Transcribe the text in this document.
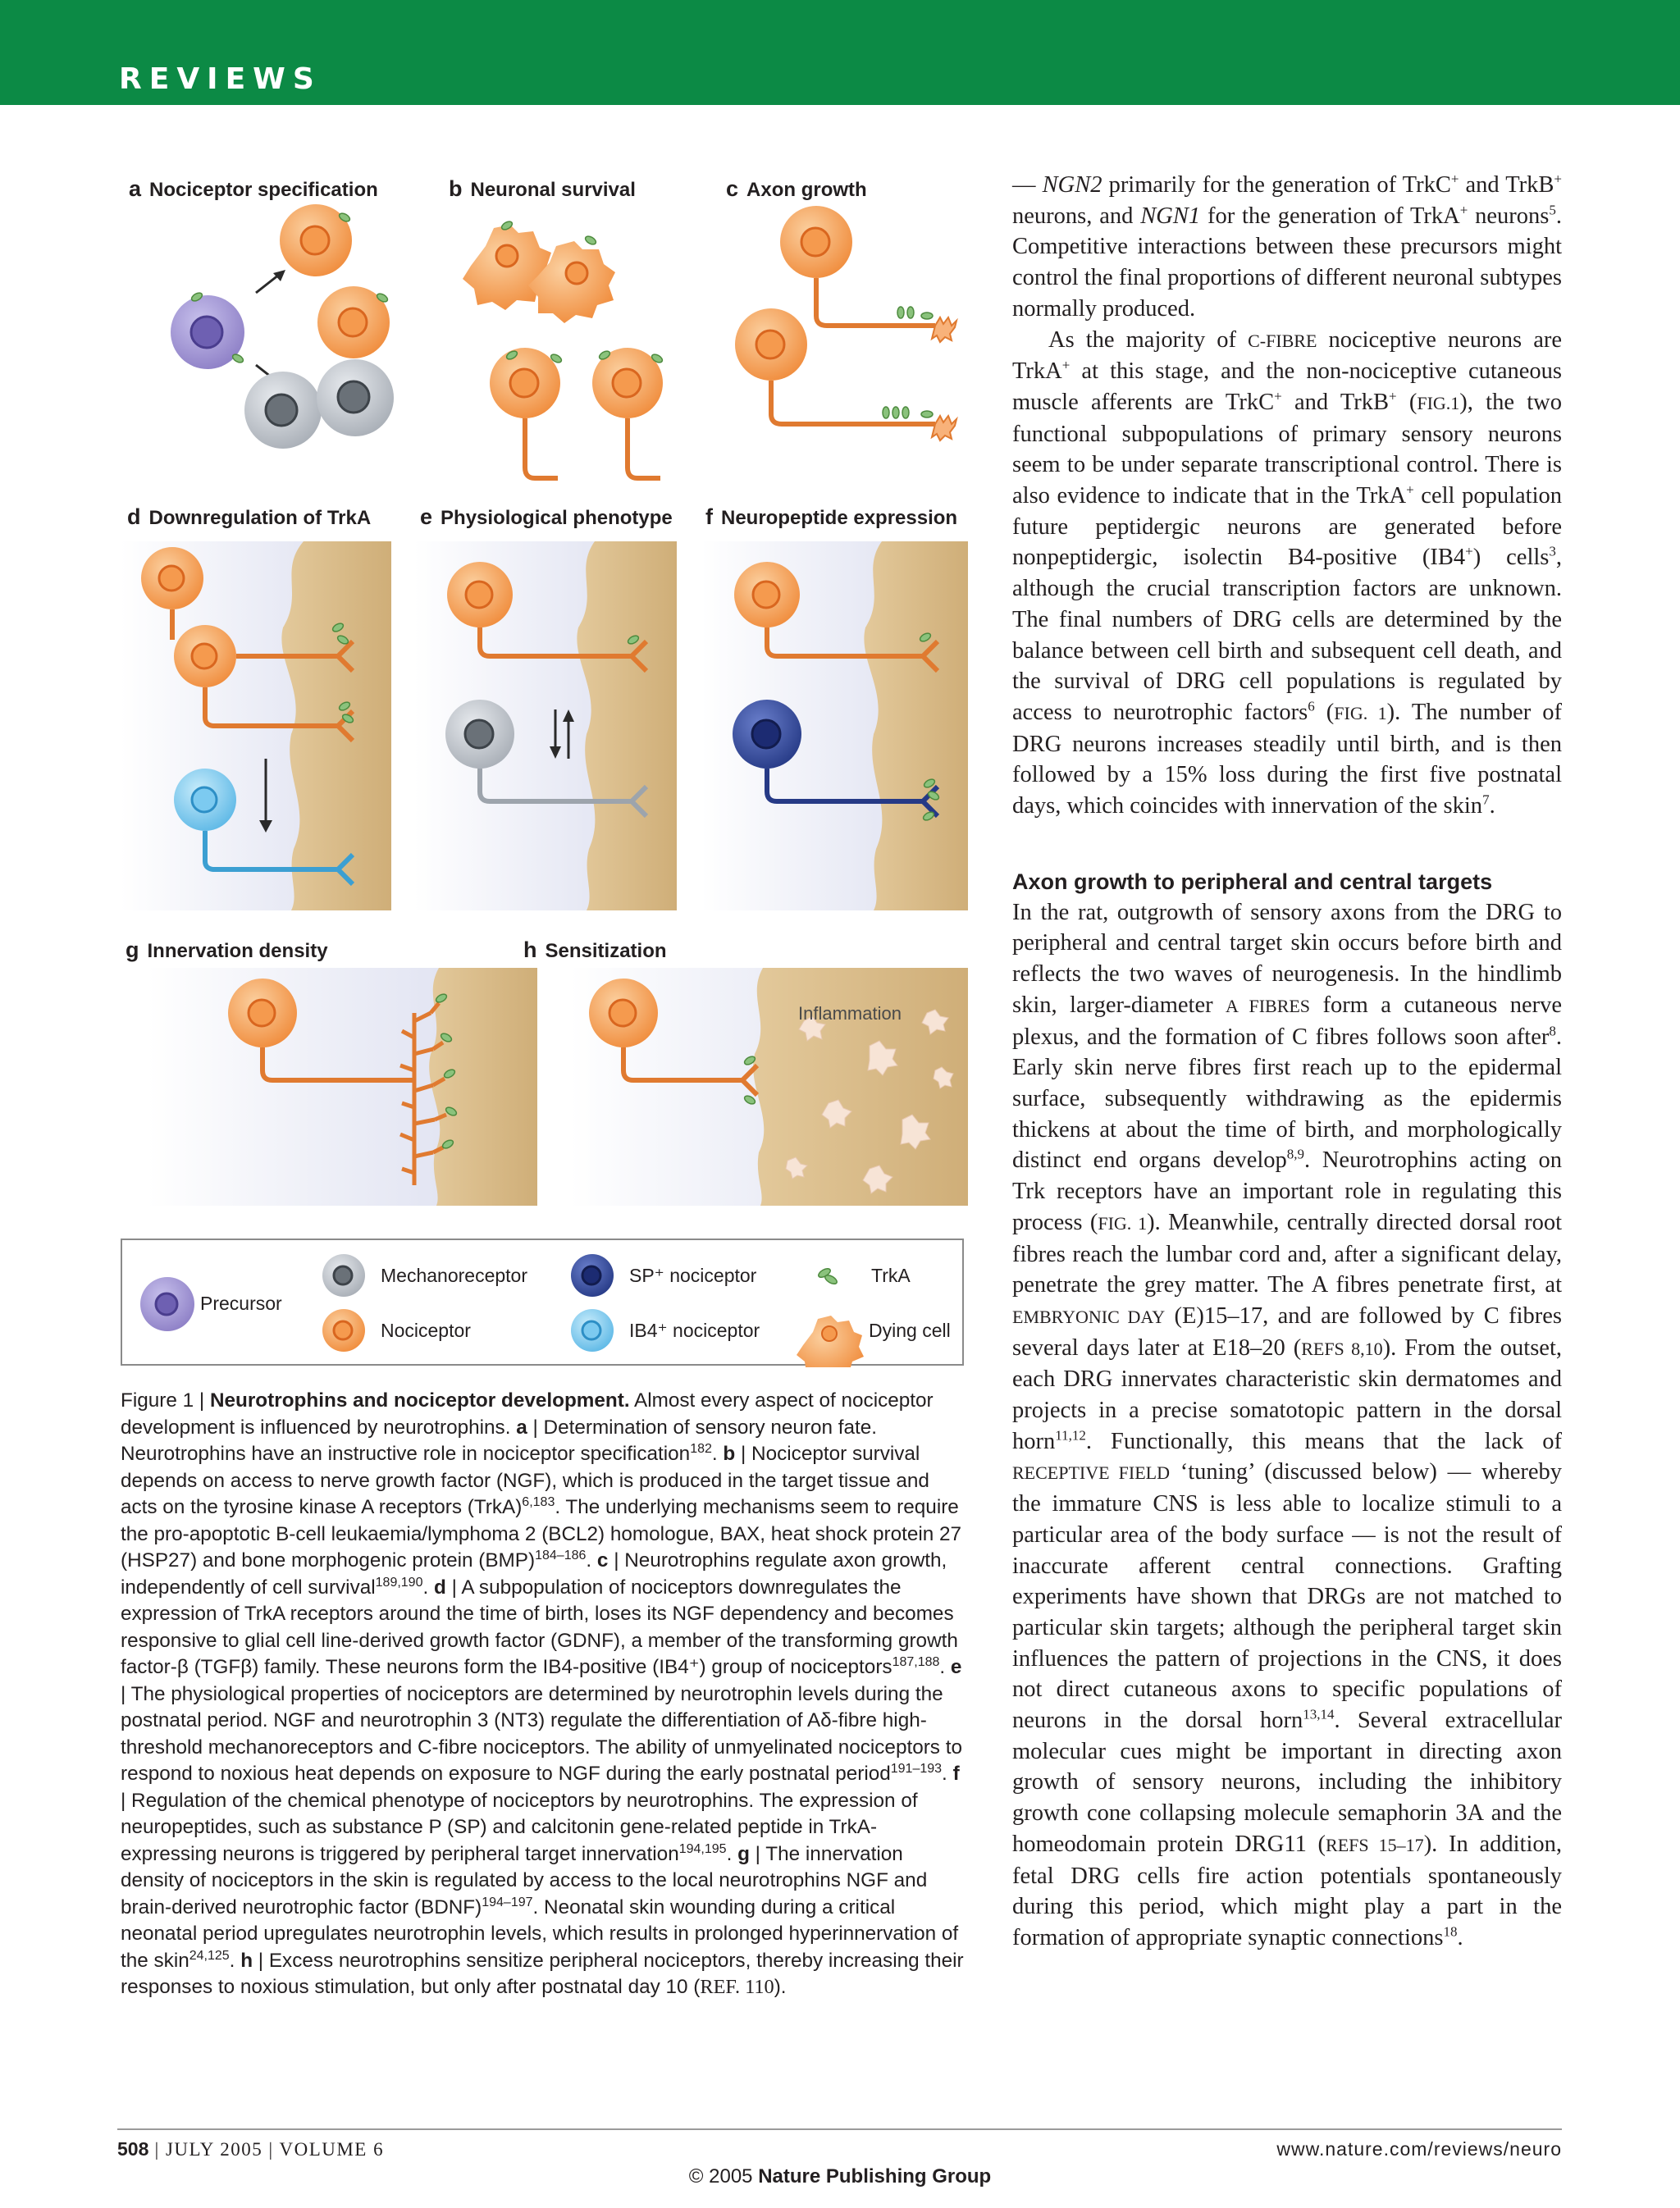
REVIEWS
a Nociceptor specification	b Neuronal survival	c Axon growth
d Downregulation of TrkA e Physiological phenotype f Neuropeptide expression
g Innervation density	h Sensitization
Inflammation
Precursor
Mechanoreceptor
Nociceptor
SP⁺ nociceptor
IB4⁺ nociceptor
TrkA
Dying cell

Figure 1 | Neurotrophins and nociceptor development. Almost every aspect of nociceptor development is influenced by neurotrophins. a | Determination of sensory neuron fate. Neurotrophins have an instructive role in nociceptor specification$^{182}$. b | Nociceptor survival depends on access to nerve growth factor (NGF), which is produced in the target tissue and acts on the tyrosine kinase A receptors (TrkA)$^{6,183}$. The underlying mechanisms seem to require the pro-apoptotic B-cell leukaemia/lymphoma 2 (BCL2) homologue, BAX, heat shock protein 27 (HSP27) and bone morphogenic protein (BMP)$^{184-186}$. c | Neurotrophins regulate axon growth, independently of cell survival$^{189,190}$. d | A subpopulation of nociceptors downregulates the expression of TrkA receptors around the time of birth, loses its NGF dependency and becomes responsive to glial cell line-derived growth factor (GDNF), a member of the transforming growth factor-β (TGFβ) family. These neurons form the IB4-positive (IB4⁺) group of nociceptors$^{187,188}$. e | The physiological properties of nociceptors are determined by neurotrophin levels during the postnatal period. NGF and neurotrophin 3 (NT3) regulate the differentiation of Aδ-fibre high-threshold mechanoreceptors and C-fibre nociceptors. The ability of unmyelinated nociceptors to respond to noxious heat depends on exposure to NGF during the early postnatal period$^{191-193}$. f | Regulation of the chemical phenotype of nociceptors by neurotrophins. The expression of neuropeptides, such as substance P (SP) and calcitonin gene-related peptide in TrkA-expressing neurons is triggered by peripheral target innervation$^{194,195}$. g | The innervation density of nociceptors in the skin is regulated by access to the local neurotrophins NGF and brain-derived neurotrophic factor (BDNF)$^{194-197}$. Neonatal skin wounding during a critical neonatal period upregulates neurotrophin levels, which results in prolonged hyperinnervation of the skin$^{24,125}$. h | Excess neurotrophins sensitize peripheral nociceptors, thereby increasing their responses to noxious stimulation, but only after postnatal day 10 (REF. 110).

— NGN2 primarily for the generation of TrkC+ and TrkB+ neurons, and NGN1 for the generation of TrkA+ neurons$^5$. Competitive interactions between these precursors might control the final proportions of different neuronal subtypes normally produced.

As the majority of C-FIBRE nociceptive neurons are TrkA+ at this stage, and the non-nociceptive cutaneous muscle afferents are TrkC+ and TrkB+ (FIG.1), the two functional subpopulations of primary sensory neurons seem to be under separate transcriptional control. There is also evidence to indicate that in the TrkA+ cell population future peptidergic neurons are generated before nonpeptidergic, isolectin B4-positive (IB4+) cells$^3$, although the crucial transcription factors are unknown. The final numbers of DRG cells are determined by the balance between cell birth and subsequent cell death, and the survival of DRG cell populations is regulated by access to neurotrophic factors$^6$ (FIG. 1). The number of DRG neurons increases steadily until birth, and is then followed by a 15% loss during the first five postnatal days, which coincides with innervation of the skin$^7$.

Axon growth to peripheral and central targets

In the rat, outgrowth of sensory axons from the DRG to peripheral and central target skin occurs before birth and reflects the two waves of neurogenesis. In the hindlimb skin, larger-diameter A FIBRES form a cutaneous nerve plexus, and the formation of C fibres follows soon after$^8$. Early skin nerve fibres first reach up to the epidermal surface, subsequently withdrawing as the epidermis thickens at about the time of birth, and morphologically distinct end organs develop$^{8,9}$. Neurotrophins acting on Trk receptors have an important role in regulating this process (FIG. 1). Meanwhile, centrally directed dorsal root fibres reach the lumbar cord and, after a significant delay, penetrate the grey matter. The A fibres penetrate first, at EMBRYONIC DAY (E)15–17, and are followed by C fibres several days later at E18–20 (REFS 8,10). From the outset, each DRG innervates characteristic skin dermatomes and projects in a precise somatotopic pattern in the dorsal horn$^{11,12}$. Functionally, this means that the lack of RECEPTIVE FIELD ‘tuning’ (discussed below) — whereby the immature CNS is less able to localize stimuli to a particular area of the body surface — is not the result of inaccurate afferent central connections. Grafting experiments have shown that DRGs are not matched to particular skin targets; although the peripheral target skin influences the pattern of projections in the CNS, it does not direct cutaneous axons to specific populations of neurons in the dorsal horn$^{13,14}$. Several extracellular molecular cues might be important in directing axon growth of sensory neurons, including the inhibitory growth cone collapsing molecule semaphorin 3A and the homeodomain protein DRG11 (REFS 15–17). In addition, fetal DRG cells fire action potentials spontaneously during this period, which might play a part in the formation of appropriate synaptic connections$^{18}$.

508 | JULY 2005 | VOLUME 6	www.nature.com/reviews/neuro
© 2005 Nature Publishing Group
